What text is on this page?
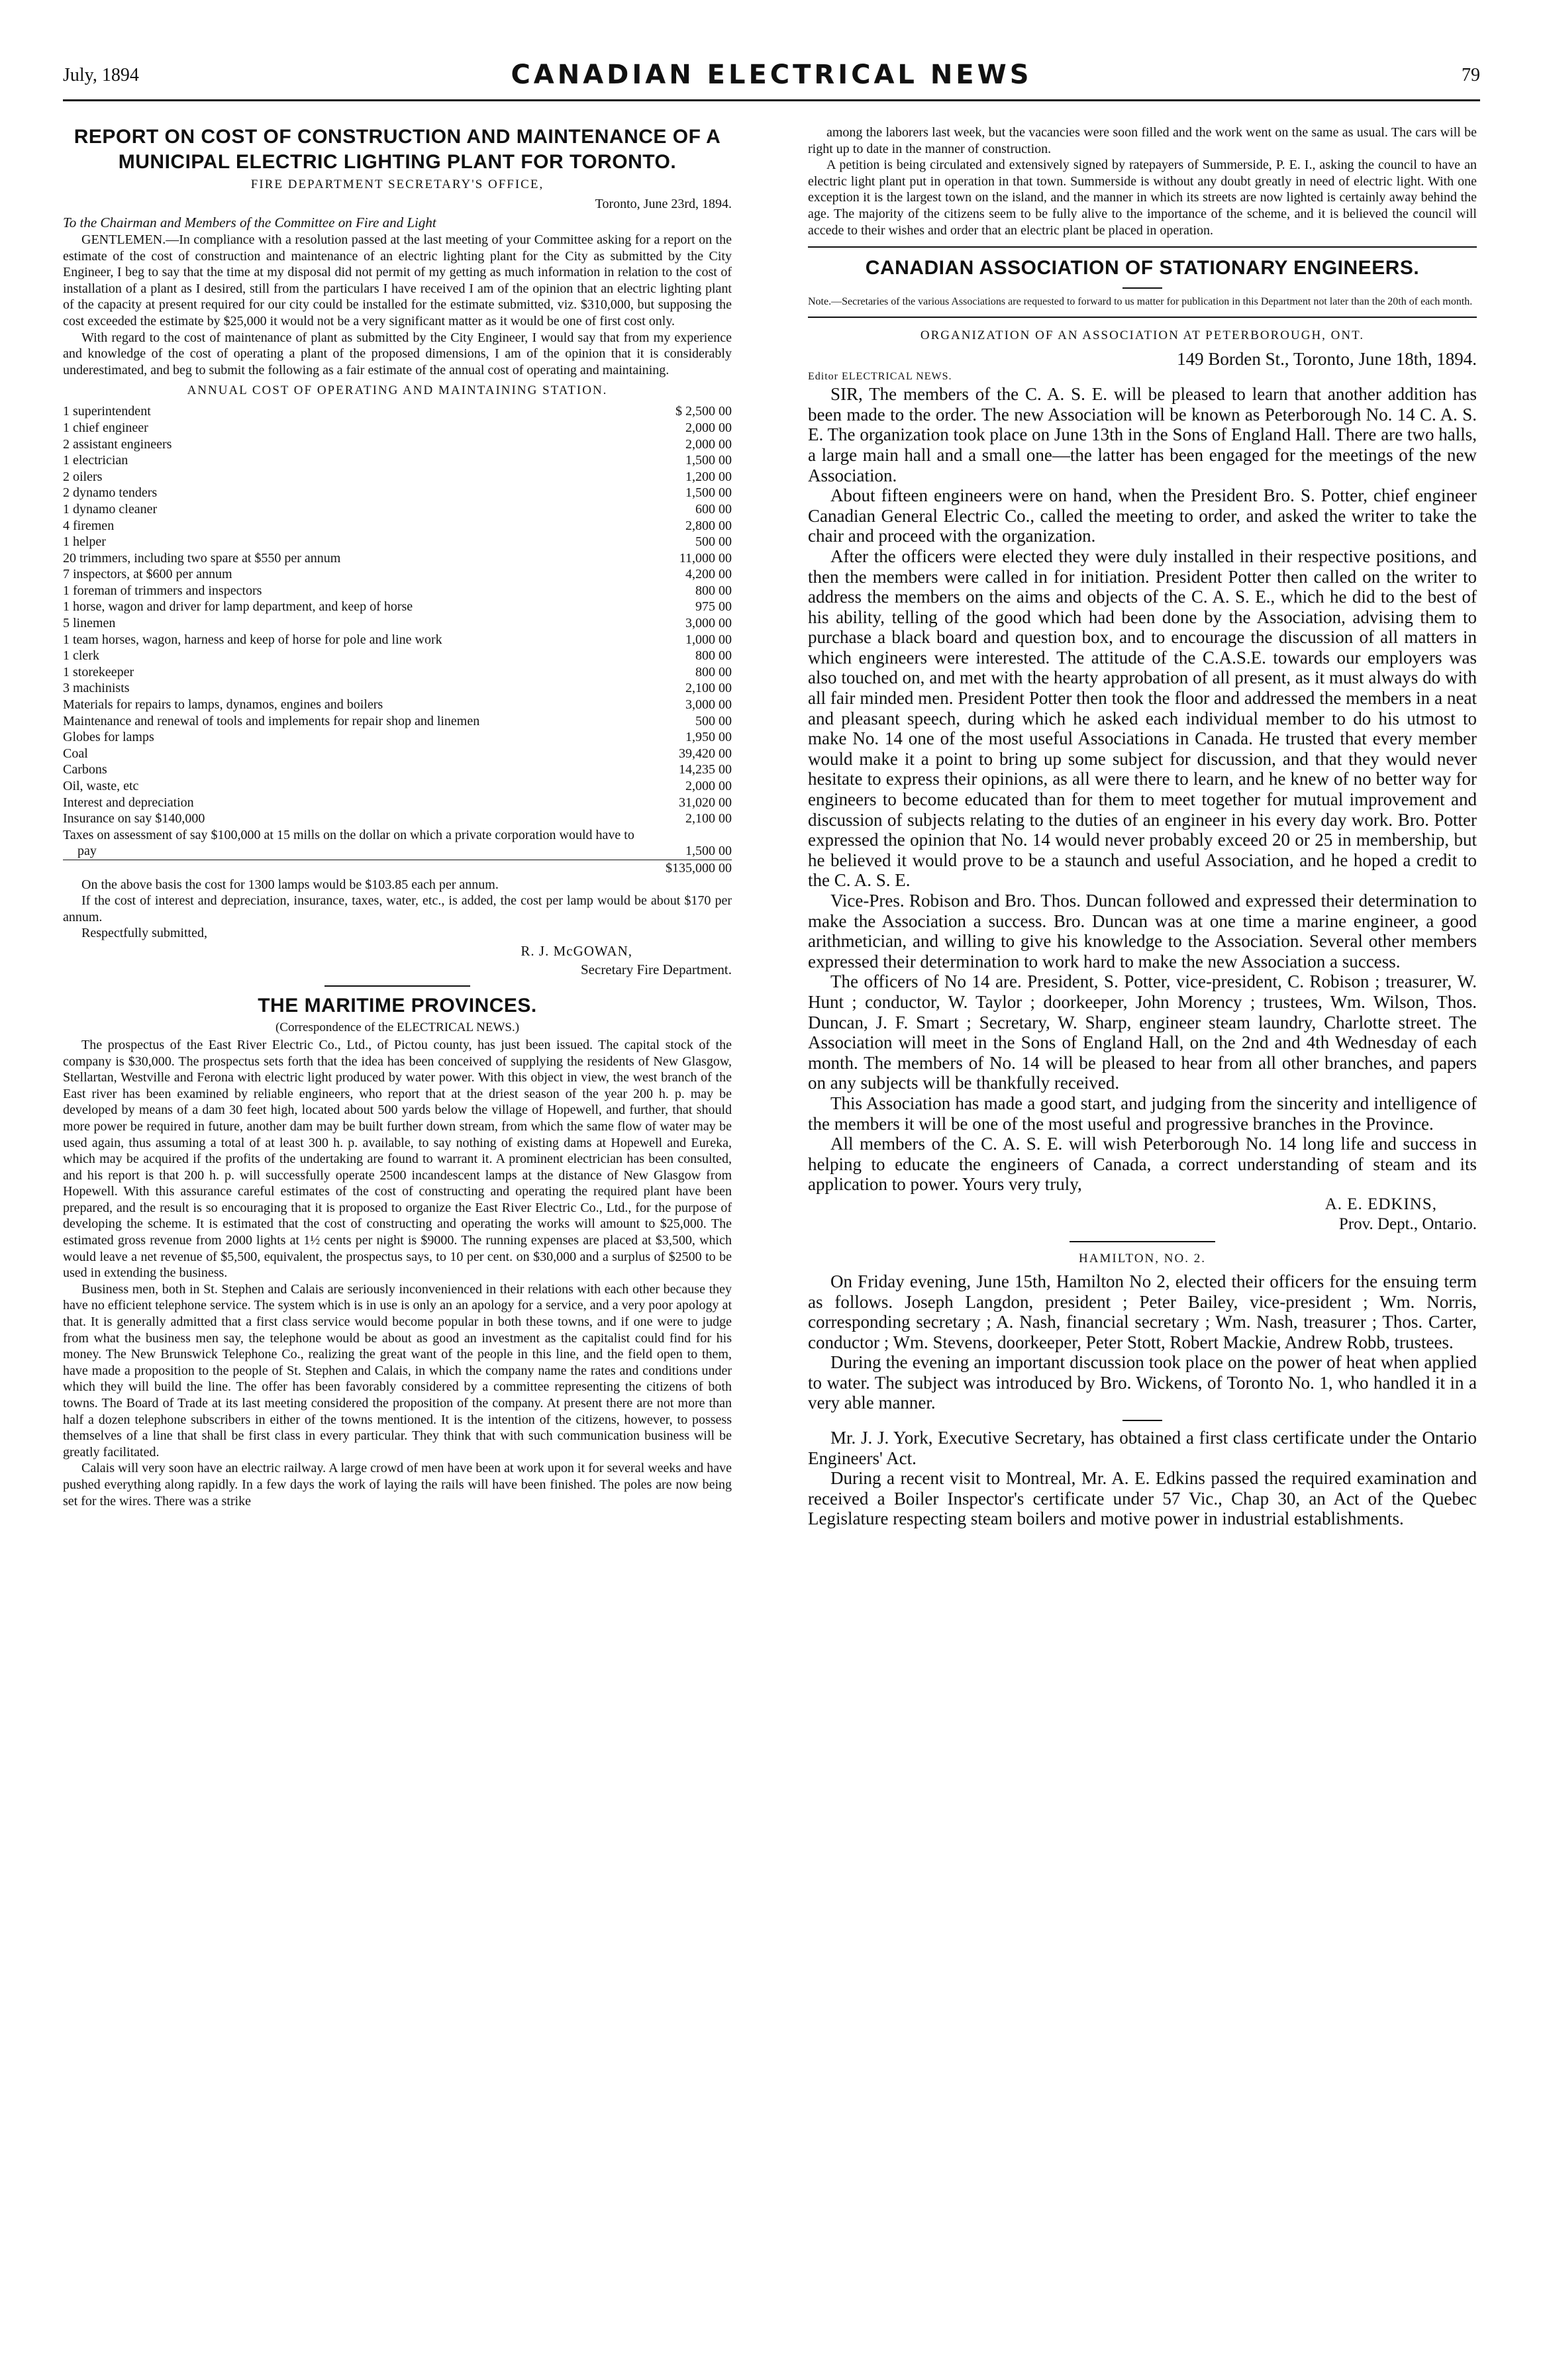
July, 1894	CANADIAN ELECTRICAL NEWS	79

REPORT ON COST OF CONSTRUCTION AND MAINTENANCE OF A MUNICIPAL ELECTRIC LIGHTING PLANT FOR TORONTO.

FIRE DEPARTMENT SECRETARY'S OFFICE,

Toronto, June 23rd, 1894.

To the Chairman and Members of the Committee on Fire and Light

GENTLEMEN.—In compliance with a resolution passed at the last meeting of your Committee asking for a report on the estimate of the cost of construction and maintenance of an electric lighting plant for the City as submitted by the City Engineer, I beg to say that the time at my disposal did not permit of my getting as much information in relation to the cost of installation of a plant as I desired, still from the particulars I have received I am of the opinion that an electric lighting plant of the capacity at present required for our city could be installed for the estimate submitted, viz. $310,000, but supposing the cost exceeded the estimate by $25,000 it would not be a very significant matter as it would be one of first cost only.

With regard to the cost of maintenance of plant as submitted by the City Engineer, I would say that from my experience and knowledge of the cost of operating a plant of the proposed dimensions, I am of the opinion that it is considerably underestimated, and beg to submit the following as a fair estimate of the annual cost of operating and maintaining.

ANNUAL COST OF OPERATING AND MAINTAINING STATION.

1 superintendent	$ 2,500 00
1 chief engineer	2,000 00
2 assistant engineers	2,000 00
1 electrician	1,500 00
2 oilers	1,200 00
2 dynamo tenders	1,500 00
1 dynamo cleaner	600 00
4 firemen	2,800 00
1 helper	500 00
20 trimmers, including two spare at $550 per annum	11,000 00
7 inspectors, at $600 per annum	4,200 00
1 foreman of trimmers and inspectors	800 00
1 horse, wagon and driver for lamp department, and keep of horse	975 00
5 linemen	3,000 00
1 team horses, wagon, harness and keep of horse for pole and line work	1,000 00
1 clerk	800 00
1 storekeeper	800 00
3 machinists	2,100 00
Materials for repairs to lamps, dynamos, engines and boilers	3,000 00
Maintenance and renewal of tools and implements for repair shop and linemen	500 00
Globes for lamps	1,950 00
Coal	39,420 00
Carbons	14,235 00
Oil, waste, etc	2,000 00
Interest and depreciation	31,020 00
Insurance on say $140,000	2,100 00
Taxes on assessment of say $100,000 at 15 mills on the dollar on which a private corporation would have to pay	1,500 00
	$135,000 00

On the above basis the cost for 1300 lamps would be $103.85 each per annum.

If the cost of interest and depreciation, insurance, taxes, water, etc., is added, the cost per lamp would be about $170 per annum.

Respectfully submitted,

R. J. McGOWAN,

Secretary Fire Department.

THE MARITIME PROVINCES.

(Correspondence of the ELECTRICAL NEWS.)

The prospectus of the East River Electric Co., Ltd., of Pictou county, has just been issued. The capital stock of the company is $30,000. The prospectus sets forth that the idea has been conceived of supplying the residents of New Glasgow, Stellartan, Westville and Ferona with electric light produced by water power. With this object in view, the west branch of the East river has been examined by reliable engineers, who report that at the driest season of the year 200 h. p. may be developed by means of a dam 30 feet high, located about 500 yards below the village of Hopewell, and further, that should more power be required in future, another dam may be built further down stream, from which the same flow of water may be used again, thus assuming a total of at least 300 h. p. available, to say nothing of existing dams at Hopewell and Eureka, which may be acquired if the profits of the undertaking are found to warrant it. A prominent electrician has been consulted, and his report is that 200 h. p. will successfully operate 2500 incandescent lamps at the distance of New Glasgow from Hopewell. With this assurance careful estimates of the cost of constructing and operating the required plant have been prepared, and the result is so encouraging that it is proposed to organize the East River Electric Co., Ltd., for the purpose of developing the scheme. It is estimated that the cost of constructing and operating the works will amount to $25,000. The estimated gross revenue from 2000 lights at 1½ cents per night is $9000. The running expenses are placed at $3,500, which would leave a net revenue of $5,500, equivalent, the prospectus says, to 10 per cent. on $30,000 and a surplus of $2500 to be used in extending the business.

Business men, both in St. Stephen and Calais are seriously inconvenienced in their relations with each other because they have no efficient telephone service. The system which is in use is only an an apology for a service, and a very poor apology at that. It is generally admitted that a first class service would become popular in both these towns, and if one were to judge from what the business men say, the telephone would be about as good an investment as the capitalist could find for his money. The New Brunswick Telephone Co., realizing the great want of the people in this line, and the field open to them, have made a proposition to the people of St. Stephen and Calais, in which the company name the rates and conditions under which they will build the line. The offer has been favorably considered by a committee representing the citizens of both towns. The Board of Trade at its last meeting considered the proposition of the company. At present there are not more than half a dozen telephone subscribers in either of the towns mentioned. It is the intention of the citizens, however, to possess themselves of a line that shall be first class in every particular. They think that with such communication business will be greatly facilitated.

Calais will very soon have an electric railway. A large crowd of men have been at work upon it for several weeks and have pushed everything along rapidly. In a few days the work of laying the rails will have been finished. The poles are now being set for the wires. There was a strike

among the laborers last week, but the vacancies were soon filled and the work went on the same as usual. The cars will be right up to date in the manner of construction.

A petition is being circulated and extensively signed by ratepayers of Summerside, P. E. I., asking the council to have an electric light plant put in operation in that town. Summerside is without any doubt greatly in need of electric light. With one exception it is the largest town on the island, and the manner in which its streets are now lighted is certainly away behind the age. The majority of the citizens seem to be fully alive to the importance of the scheme, and it is believed the council will accede to their wishes and order that an electric plant be placed in operation.

CANADIAN ASSOCIATION OF STATIONARY ENGINEERS.

Note.—Secretaries of the various Associations are requested to forward to us matter for publication in this Department not later than the 20th of each month.

ORGANIZATION OF AN ASSOCIATION AT PETERBOROUGH, ONT.

149 Borden St., Toronto, June 18th, 1894.

Editor ELECTRICAL NEWS.

SIR, The members of the C. A. S. E. will be pleased to learn that another addition has been made to the order. The new Association will be known as Peterborough No. 14 C. A. S. E. The organization took place on June 13th in the Sons of England Hall. There are two halls, a large main hall and a small one—the latter has been engaged for the meetings of the new Association.

About fifteen engineers were on hand, when the President Bro. S. Potter, chief engineer Canadian General Electric Co., called the meeting to order, and asked the writer to take the chair and proceed with the organization.

After the officers were elected they were duly installed in their respective positions, and then the members were called in for initiation. President Potter then called on the writer to address the members on the aims and objects of the C. A. S. E., which he did to the best of his ability, telling of the good which had been done by the Association, advising them to purchase a black board and question box, and to encourage the discussion of all matters in which engineers were interested. The attitude of the C.A.S.E. towards our employers was also touched on, and met with the hearty approbation of all present, as it must always do with all fair minded men. President Potter then took the floor and addressed the members in a neat and pleasant speech, during which he asked each individual member to do his utmost to make No. 14 one of the most useful Associations in Canada. He trusted that every member would make it a point to bring up some subject for discussion, and that they would never hesitate to express their opinions, as all were there to learn, and he knew of no better way for engineers to become educated than for them to meet together for mutual improvement and discussion of subjects relating to the duties of an engineer in his every day work. Bro. Potter expressed the opinion that No. 14 would never probably exceed 20 or 25 in membership, but he believed it would prove to be a staunch and useful Association, and he hoped a credit to the C. A. S. E.

Vice-Pres. Robison and Bro. Thos. Duncan followed and expressed their determination to make the Association a success. Bro. Duncan was at one time a marine engineer, a good arithmetician, and willing to give his knowledge to the Association. Several other members expressed their determination to work hard to make the new Association a success.

The officers of No 14 are. President, S. Potter, vice-president, C. Robison ; treasurer, W. Hunt ; conductor, W. Taylor ; doorkeeper, John Morency ; trustees, Wm. Wilson, Thos. Duncan, J. F. Smart ; Secretary, W. Sharp, engineer steam laundry, Charlotte street. The Association will meet in the Sons of England Hall, on the 2nd and 4th Wednesday of each month. The members of No. 14 will be pleased to hear from all other branches, and papers on any subjects will be thankfully received.

This Association has made a good start, and judging from the sincerity and intelligence of the members it will be one of the most useful and progressive branches in the Province.

All members of the C. A. S. E. will wish Peterborough No. 14 long life and success in helping to educate the engineers of Canada, a correct understanding of steam and its application to power. Yours very truly,

A. E. EDKINS,

Prov. Dept., Ontario.

HAMILTON, NO. 2.

On Friday evening, June 15th, Hamilton No 2, elected their officers for the ensuing term as follows. Joseph Langdon, president ; Peter Bailey, vice-president ; Wm. Norris, corresponding secretary ; A. Nash, financial secretary ; Wm. Nash, treasurer ; Thos. Carter, conductor ; Wm. Stevens, doorkeeper, Peter Stott, Robert Mackie, Andrew Robb, trustees.

During the evening an important discussion took place on the power of heat when applied to water. The subject was introduced by Bro. Wickens, of Toronto No. 1, who handled it in a very able manner.

Mr. J. J. York, Executive Secretary, has obtained a first class certificate under the Ontario Engineers' Act.

During a recent visit to Montreal, Mr. A. E. Edkins passed the required examination and received a Boiler Inspector's certificate under 57 Vic., Chap 30, an Act of the Quebec Legislature respecting steam boilers and motive power in industrial establishments.
